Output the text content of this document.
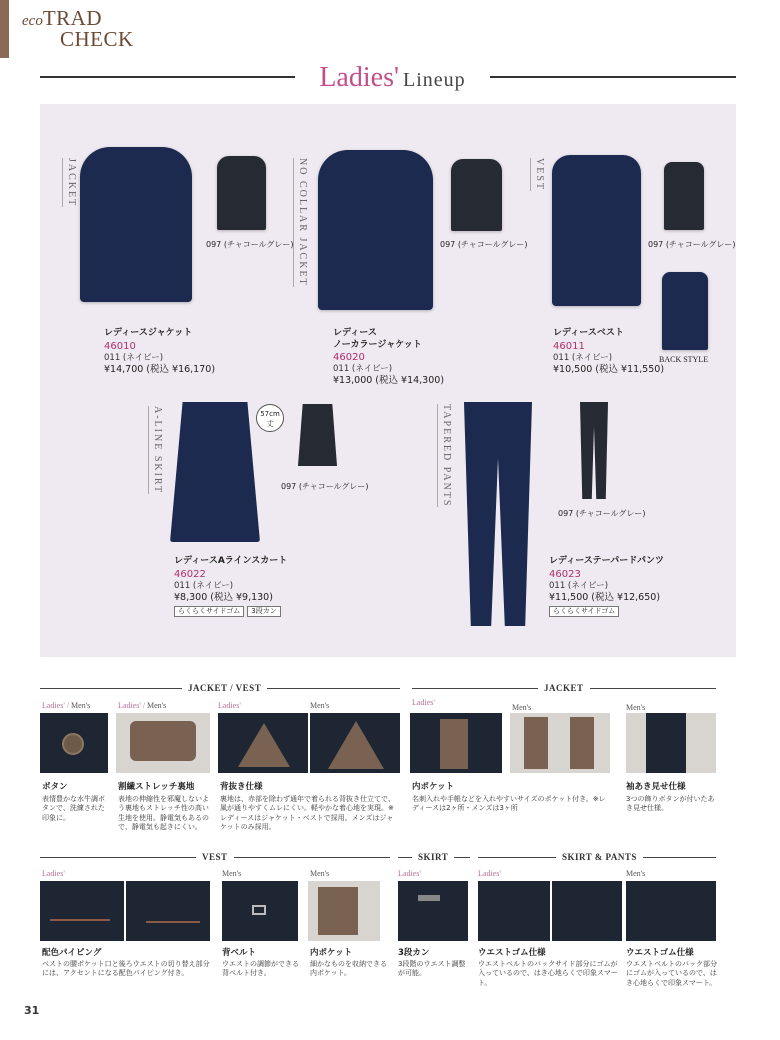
ecoTRAD
CHECK
Ladies' Lineup
JACKET	NO COLLAR JACKET	VEST
A-LINE SKIRT	TAPERED PANTS
097 (チャコールグレー)	097 (チャコールグレー)	097 (チャコールグレー)
BACK STYLE
レディースジャケット
46010
011 (ネイビー)
¥14,700 (税込 ¥16,170)
レディース
ノーカラージャケット
46020
011 (ネイビー)
¥13,000 (税込 ¥14,300)
レディースベスト
46011
011 (ネイビー)
¥10,500 (税込 ¥11,550)
57cm
丈
097 (チャコールグレー)
097 (チャコールグレー)
レディースAラインスカート
46022
011 (ネイビー)
¥8,300 (税込 ¥9,130)
らくらくサイドゴム 3段カン
レディーステーパードパンツ
46023
011 (ネイビー)
¥11,500 (税込 ¥12,650)
らくらくサイドゴム
JACKET / VEST	JACKET
Ladies' / Men's	Ladies' / Men's	Ladies'	Men's	Ladies'
Men's	Men's
ボタン
表情豊かな水牛調ボタンで、洗練された印象に。
割繊ストレッチ裏地
表地の伸縮性を邪魔しないよう裏地もストレッチ性の高い生地を使用。静電気もあるので、静電気も起きにくい。
背抜き仕様
裏地は、赤部を除わず通年で着られる背抜き仕立てで、風が通りやすくムレにくい。軽やかな着心地を実現。※レディースはジャケット・ベストで採用。メンズはジャケットのみ採用。
内ポケット
名刺入れや手帳などを入れやすいサイズのポケット付き。※レディースは2ヶ所・メンズは3ヶ所
袖あき見せ仕様
3つの飾りボタンが付いたあき見せ仕様。
VEST	SKIRT	SKIRT & PANTS
Ladies'	Men's	Men's	Ladies'	Ladies'	Men's
配色パイピング
ベストの腰ポケット口と後ろウエストの切り替え部分には、アクセントになる配色パイピング付き。
背ベルト
ウエストの調節ができる背ベルト付き。
内ポケット
細かなものを収納できる内ポケット。
3段カン
3段階のウエスト調整が可能。
ウエストゴム仕様
ウエストベルトのバックサイド部分にゴムが入っているので、はき心地らくで印象スマート。
ウエストゴム仕様
ウエストベルトのバック部分にゴムが入っているので、はき心地らくで印象スマート。
31
